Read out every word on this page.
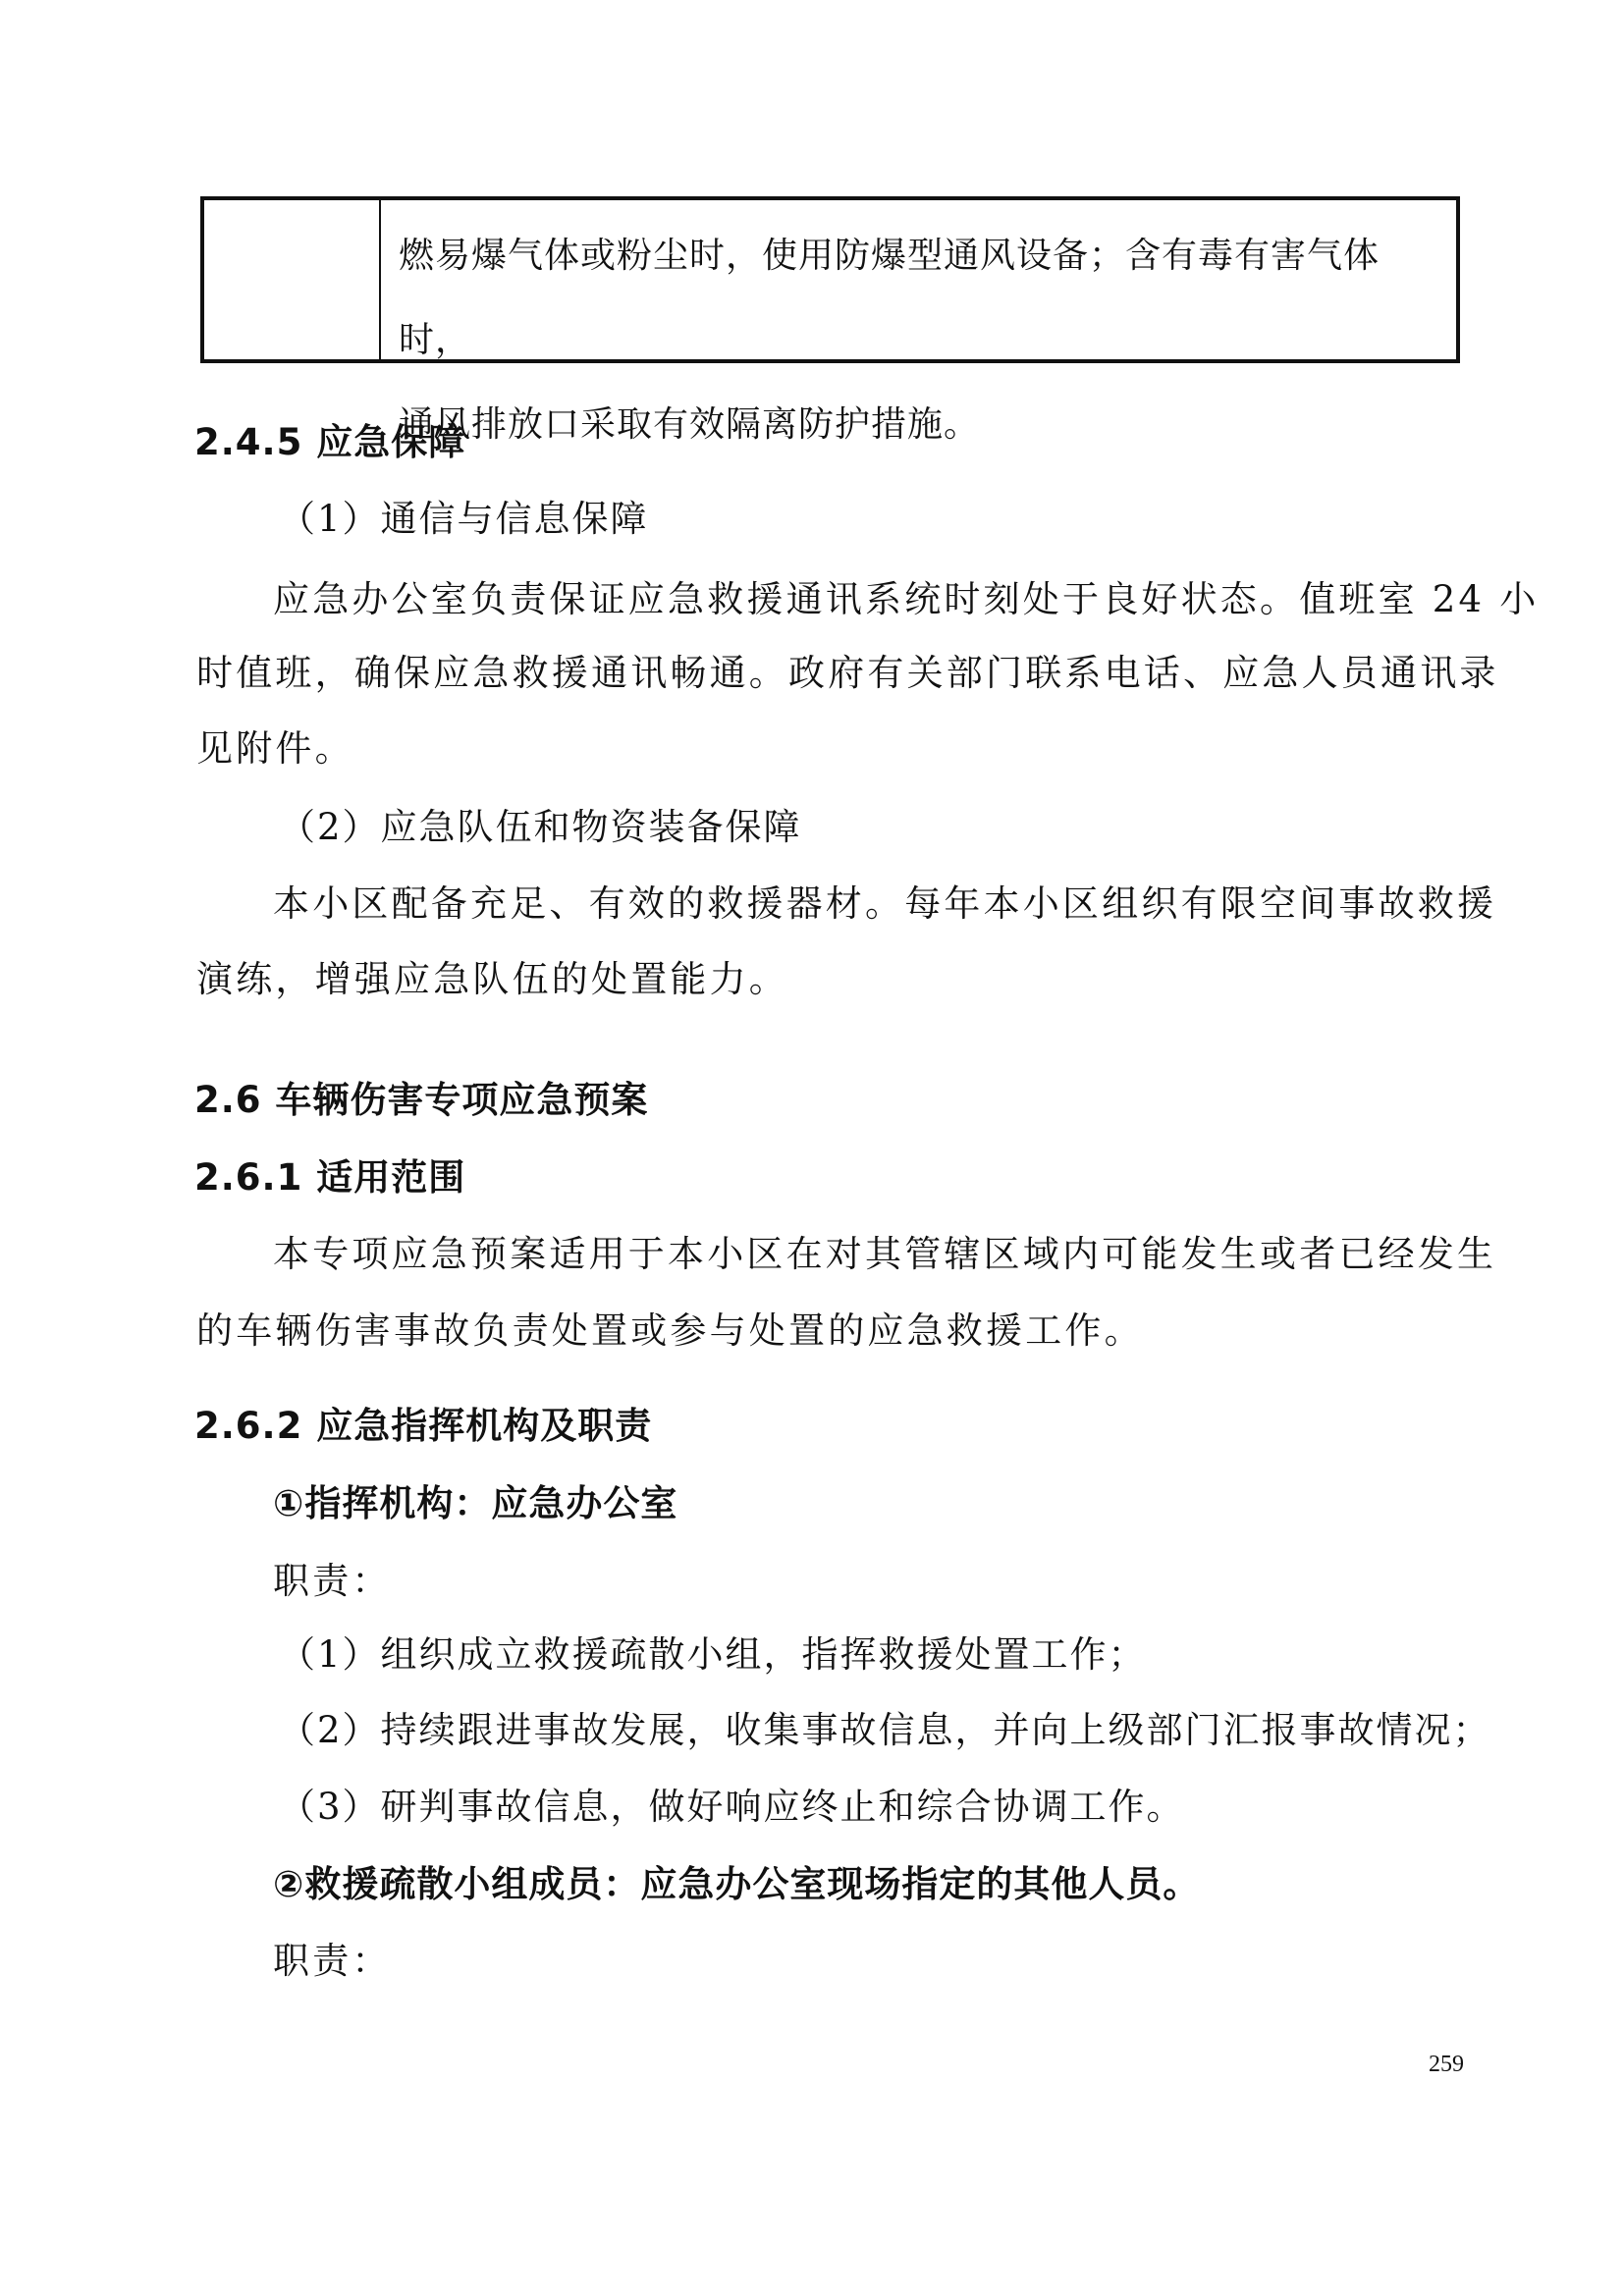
燃易爆气体或粉尘时，使用防爆型通风设备；含有毒有害气体时，
通风排放口采取有效隔离防护措施。
2.4.5 应急保障
（1）通信与信息保障
应急办公室负责保证应急救援通讯系统时刻处于良好状态。值班室 24 小
时值班，确保应急救援通讯畅通。政府有关部门联系电话、应急人员通讯录
见附件。
（2）应急队伍和物资装备保障
本小区配备充足、有效的救援器材。每年本小区组织有限空间事故救援
演练，增强应急队伍的处置能力。
2.6 车辆伤害专项应急预案
2.6.1 适用范围
本专项应急预案适用于本小区在对其管辖区域内可能发生或者已经发生
的车辆伤害事故负责处置或参与处置的应急救援工作。
2.6.2 应急指挥机构及职责
①指挥机构：应急办公室
职责：
（1）组织成立救援疏散小组，指挥救援处置工作；
（2）持续跟进事故发展，收集事故信息，并向上级部门汇报事故情况；
（3）研判事故信息，做好响应终止和综合协调工作。
②救援疏散小组成员：应急办公室现场指定的其他人员。
职责：
259
